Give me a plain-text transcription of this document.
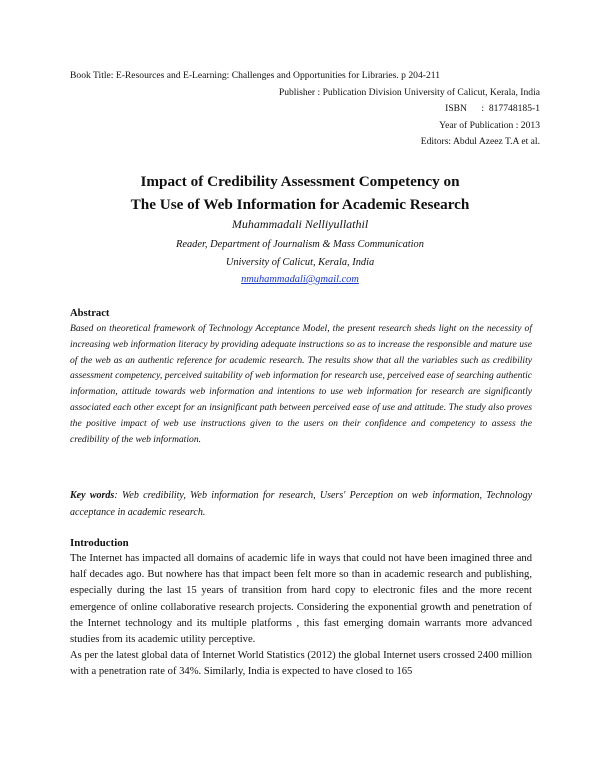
Book Title: E-Resources and E-Learning: Challenges and Opportunities for Libraries. p 204-211
Publisher : Publication Division University of Calicut, Kerala, India
ISBN      :  817748185-1
Year of Publication : 2013
Editors: Abdul Azeez T.A et al.
Impact of Credibility Assessment Competency on
The Use of Web Information for Academic Research
Muhammadali Nelliyullathil
Reader, Department of Journalism & Mass Communication
University of Calicut, Kerala, India
nmuhammadali@gmail.com
Abstract

Based on theoretical framework of Technology Acceptance Model, the present research sheds light on the necessity of increasing web information literacy by providing adequate instructions so as to increase the responsible and mature use of the web as an authentic reference for academic research. The results show that all the variables such as credibility assessment competency, perceived suitability of web information for research use, perceived ease of searching authentic information, attitude towards web information and intentions to use web information for research are significantly associated each other except for an insignificant path between perceived ease of use and attitude. The study also proves the positive impact of web use instructions given to the users on their confidence and competency to assess the credibility of the web information.

Key words: Web credibility, Web information for research, Users' Perception on web information, Technology acceptance in academic research.
Introduction

The Internet has impacted all domains of academic life in ways that could not have been imagined three and half decades ago. But nowhere has that impact been felt more so than in academic research and publishing, especially during the last 15 years of transition from hard copy to electronic files and the more recent emergence of online collaborative research projects. Considering the exponential growth and penetration of the Internet technology and its multiple platforms , this fast emerging domain warrants more advanced studies from its academic utility perceptive.

As per the latest global data of Internet World Statistics (2012) the global Internet users crossed 2400 million with a penetration rate of 34%. Similarly, India is expected to have closed to 165
